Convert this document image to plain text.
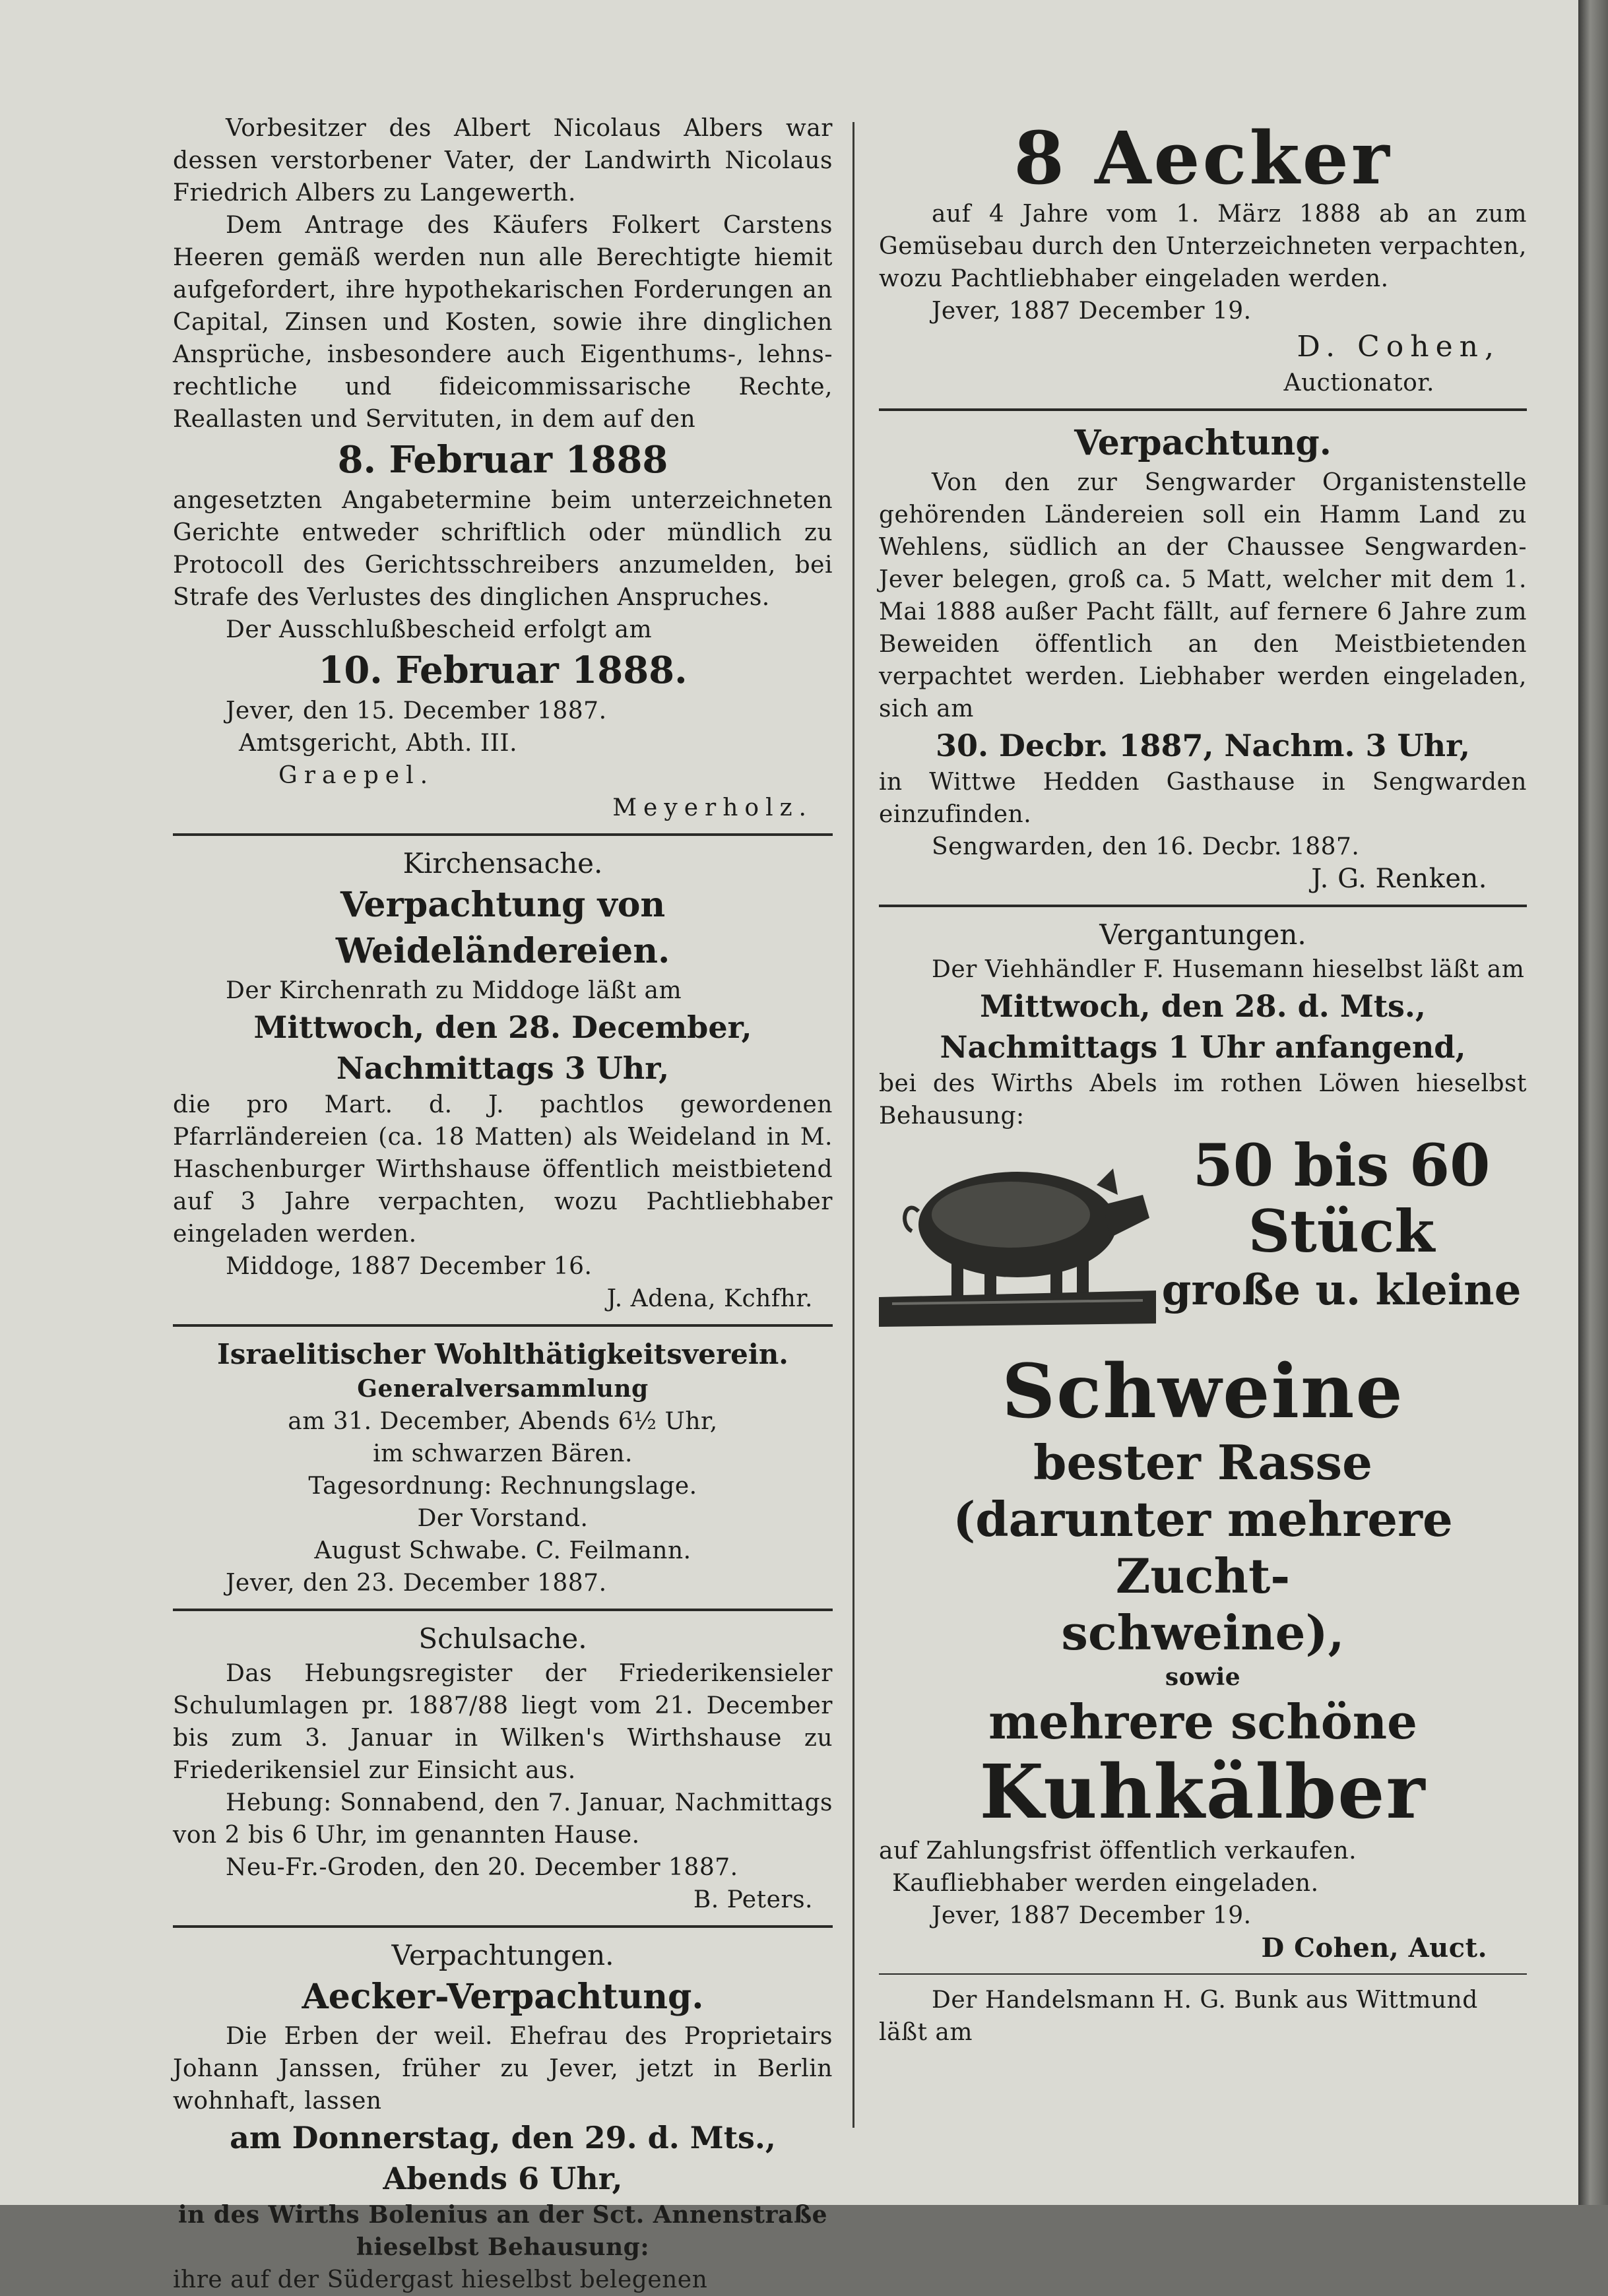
Vorbesitzer des Albert Nicolaus Albers war dessen verstorbener Vater, der Landwirth Nicolaus Friedrich Albers zu Langewerth.

Dem Antrage des Käufers Folkert Carstens Heeren gemäß werden nun alle Berechtigte hiemit aufgefordert, ihre hypothekarischen Forderungen an Capital, Zinsen und Kosten, sowie ihre dinglichen Ansprüche, insbesondere auch Eigenthums-, lehns-rechtliche und fideicommissarische Rechte, Reallasten und Servituten, in dem auf den

8. Februar 1888

angesetzten Angabetermine beim unterzeichneten Gerichte entweder schriftlich oder mündlich zu Protocoll des Gerichtsschreibers anzumelden, bei Strafe des Verlustes des dinglichen Anspruches.

Der Ausschlußbescheid erfolgt am

10. Februar 1888.

Jever, den 15. December 1887.

Amtsgericht, Abth. III.

Graepel.

Meyerholz.

Kirchensache.

Verpachtung von Weideländereien.

Der Kirchenrath zu Middoge läßt am

Mittwoch, den 28. December,

Nachmittags 3 Uhr,

die pro Mart. d. J. pachtlos gewordenen Pfarrländereien (ca. 18 Matten) als Weideland in M. Haschenburger Wirthshause öffentlich meistbietend auf 3 Jahre verpachten, wozu Pachtliebhaber eingeladen werden.

Middoge, 1887 December 16.

J. Adena, Kchfhr.

Israelitischer Wohlthätigkeitsverein.

Generalversammlung

am 31. December, Abends 6½ Uhr,

im schwarzen Bären.

Tagesordnung: Rechnungslage.

Der Vorstand.

August Schwabe. C. Feilmann.

Jever, den 23. December 1887.

Schulsache.

Das Hebungsregister der Friederikensieler Schulumlagen pr. 1887/88 liegt vom 21. December bis zum 3. Januar in Wilken's Wirthshause zu Friederikensiel zur Einsicht aus.

Hebung: Sonnabend, den 7. Januar, Nachmittags von 2 bis 6 Uhr, im genannten Hause.

Neu-Fr.-Groden, den 20. December 1887.

B. Peters.

Verpachtungen.

Aecker-Verpachtung.

Die Erben der weil. Ehefrau des Proprietairs Johann Janssen, früher zu Jever, jetzt in Berlin wohnhaft, lassen

am Donnerstag, den 29. d. Mts.,

Abends 6 Uhr,

in des Wirths Bolenius an der Sct. Annenstraße hieselbst Behausung:

ihre auf der Südergast hieselbst belegenen

8 Aecker

auf 4 Jahre vom 1. März 1888 ab an zum Gemüsebau durch den Unterzeichneten verpachten, wozu Pachtliebhaber eingeladen werden.

Jever, 1887 December 19.

D. Cohen,

Auctionator.

Verpachtung.

Von den zur Sengwarder Organistenstelle gehörenden Ländereien soll ein Hamm Land zu Wehlens, südlich an der Chaussee Sengwarden-Jever belegen, groß ca. 5 Matt, welcher mit dem 1. Mai 1888 außer Pacht fällt, auf fernere 6 Jahre zum Beweiden öffentlich an den Meistbietenden verpachtet werden. Liebhaber werden eingeladen, sich am

30. Decbr. 1887, Nachm. 3 Uhr,

in Wittwe Hedden Gasthause in Sengwarden einzufinden.

Sengwarden, den 16. Decbr. 1887.

J. G. Renken.

Vergantungen.

Der Viehhändler F. Husemann hieselbst läßt am

Mittwoch, den 28. d. Mts.,

Nachmittags 1 Uhr anfangend,

bei des Wirths Abels im rothen Löwen hieselbst Behausung:

50 bis 60

Stück

große u. kleine

Schweine

bester Rasse

(darunter mehrere Zucht-

schweine),

sowie

mehrere schöne

Kuhkälber

auf Zahlungsfrist öffentlich verkaufen.

Kaufliebhaber werden eingeladen.

Jever, 1887 December 19.

D Cohen, Auct.

Der Handelsmann H. G. Bunk aus Wittmund

läßt am
